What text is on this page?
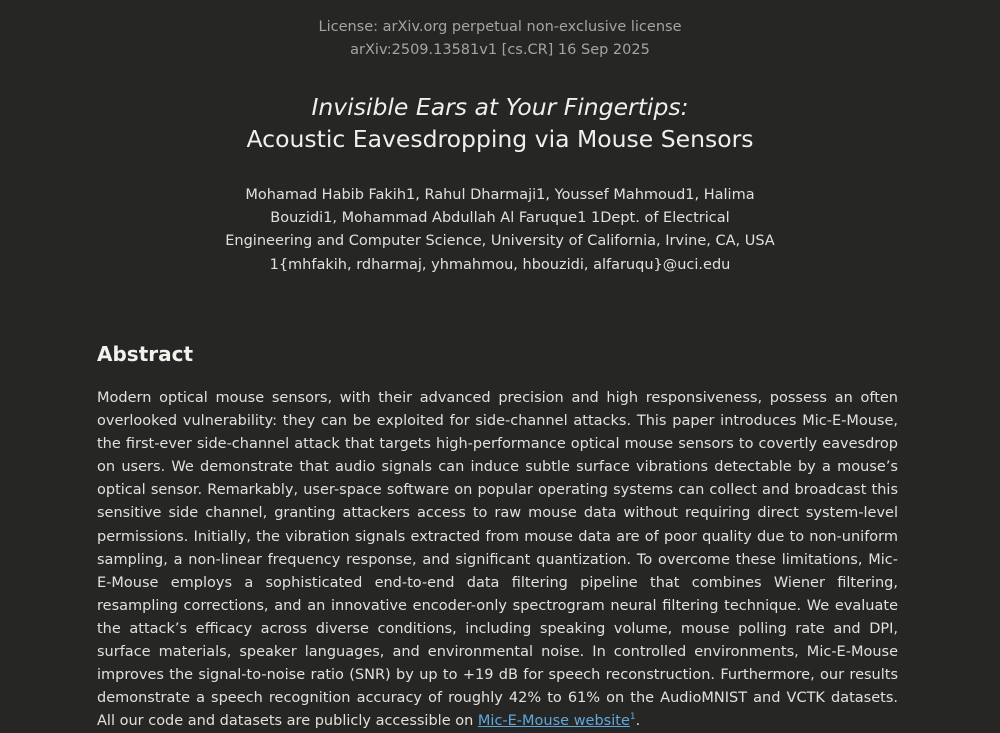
License: arXiv.org perpetual non-exclusive license
arXiv:2509.13581v1 [cs.CR] 16 Sep 2025
Invisible Ears at Your Fingertips:
Acoustic Eavesdropping via Mouse Sensors
Mohamad Habib Fakih1, Rahul Dharmaji1, Youssef Mahmoud1, Halima Bouzidi1, Mohammad Abdullah Al Faruque1 1Dept. of Electrical Engineering and Computer Science, University of California, Irvine, CA, USA
1{mhfakih, rdharmaj, yhmahmou, hbouzidi, alfaruqu}@uci.edu
Abstract

Modern optical mouse sensors, with their advanced precision and high responsiveness, possess an often overlooked vulnerability: they can be exploited for side-channel attacks. This paper introduces Mic-E-Mouse, the first-ever side-channel attack that targets high-performance optical mouse sensors to covertly eavesdrop on users. We demonstrate that audio signals can induce subtle surface vibrations detectable by a mouse’s optical sensor. Remarkably, user-space software on popular operating systems can collect and broadcast this sensitive side channel, granting attackers access to raw mouse data without requiring direct system-level permissions. Initially, the vibration signals extracted from mouse data are of poor quality due to non-uniform sampling, a non-linear frequency response, and significant quantization. To overcome these limitations, Mic-E-Mouse employs a sophisticated end-to-end data filtering pipeline that combines Wiener filtering, resampling corrections, and an innovative encoder-only spectrogram neural filtering technique. We evaluate the attack’s efficacy across diverse conditions, including speaking volume, mouse polling rate and DPI, surface materials, speaker languages, and environmental noise. In controlled environments, Mic-E-Mouse improves the signal-to-noise ratio (SNR) by up to +19 dB for speech reconstruction. Furthermore, our results demonstrate a speech recognition accuracy of roughly 42% to 61% on the AudioMNIST and VCTK datasets. All our code and datasets are publicly accessible on Mic-E-Mouse website$^1$.
